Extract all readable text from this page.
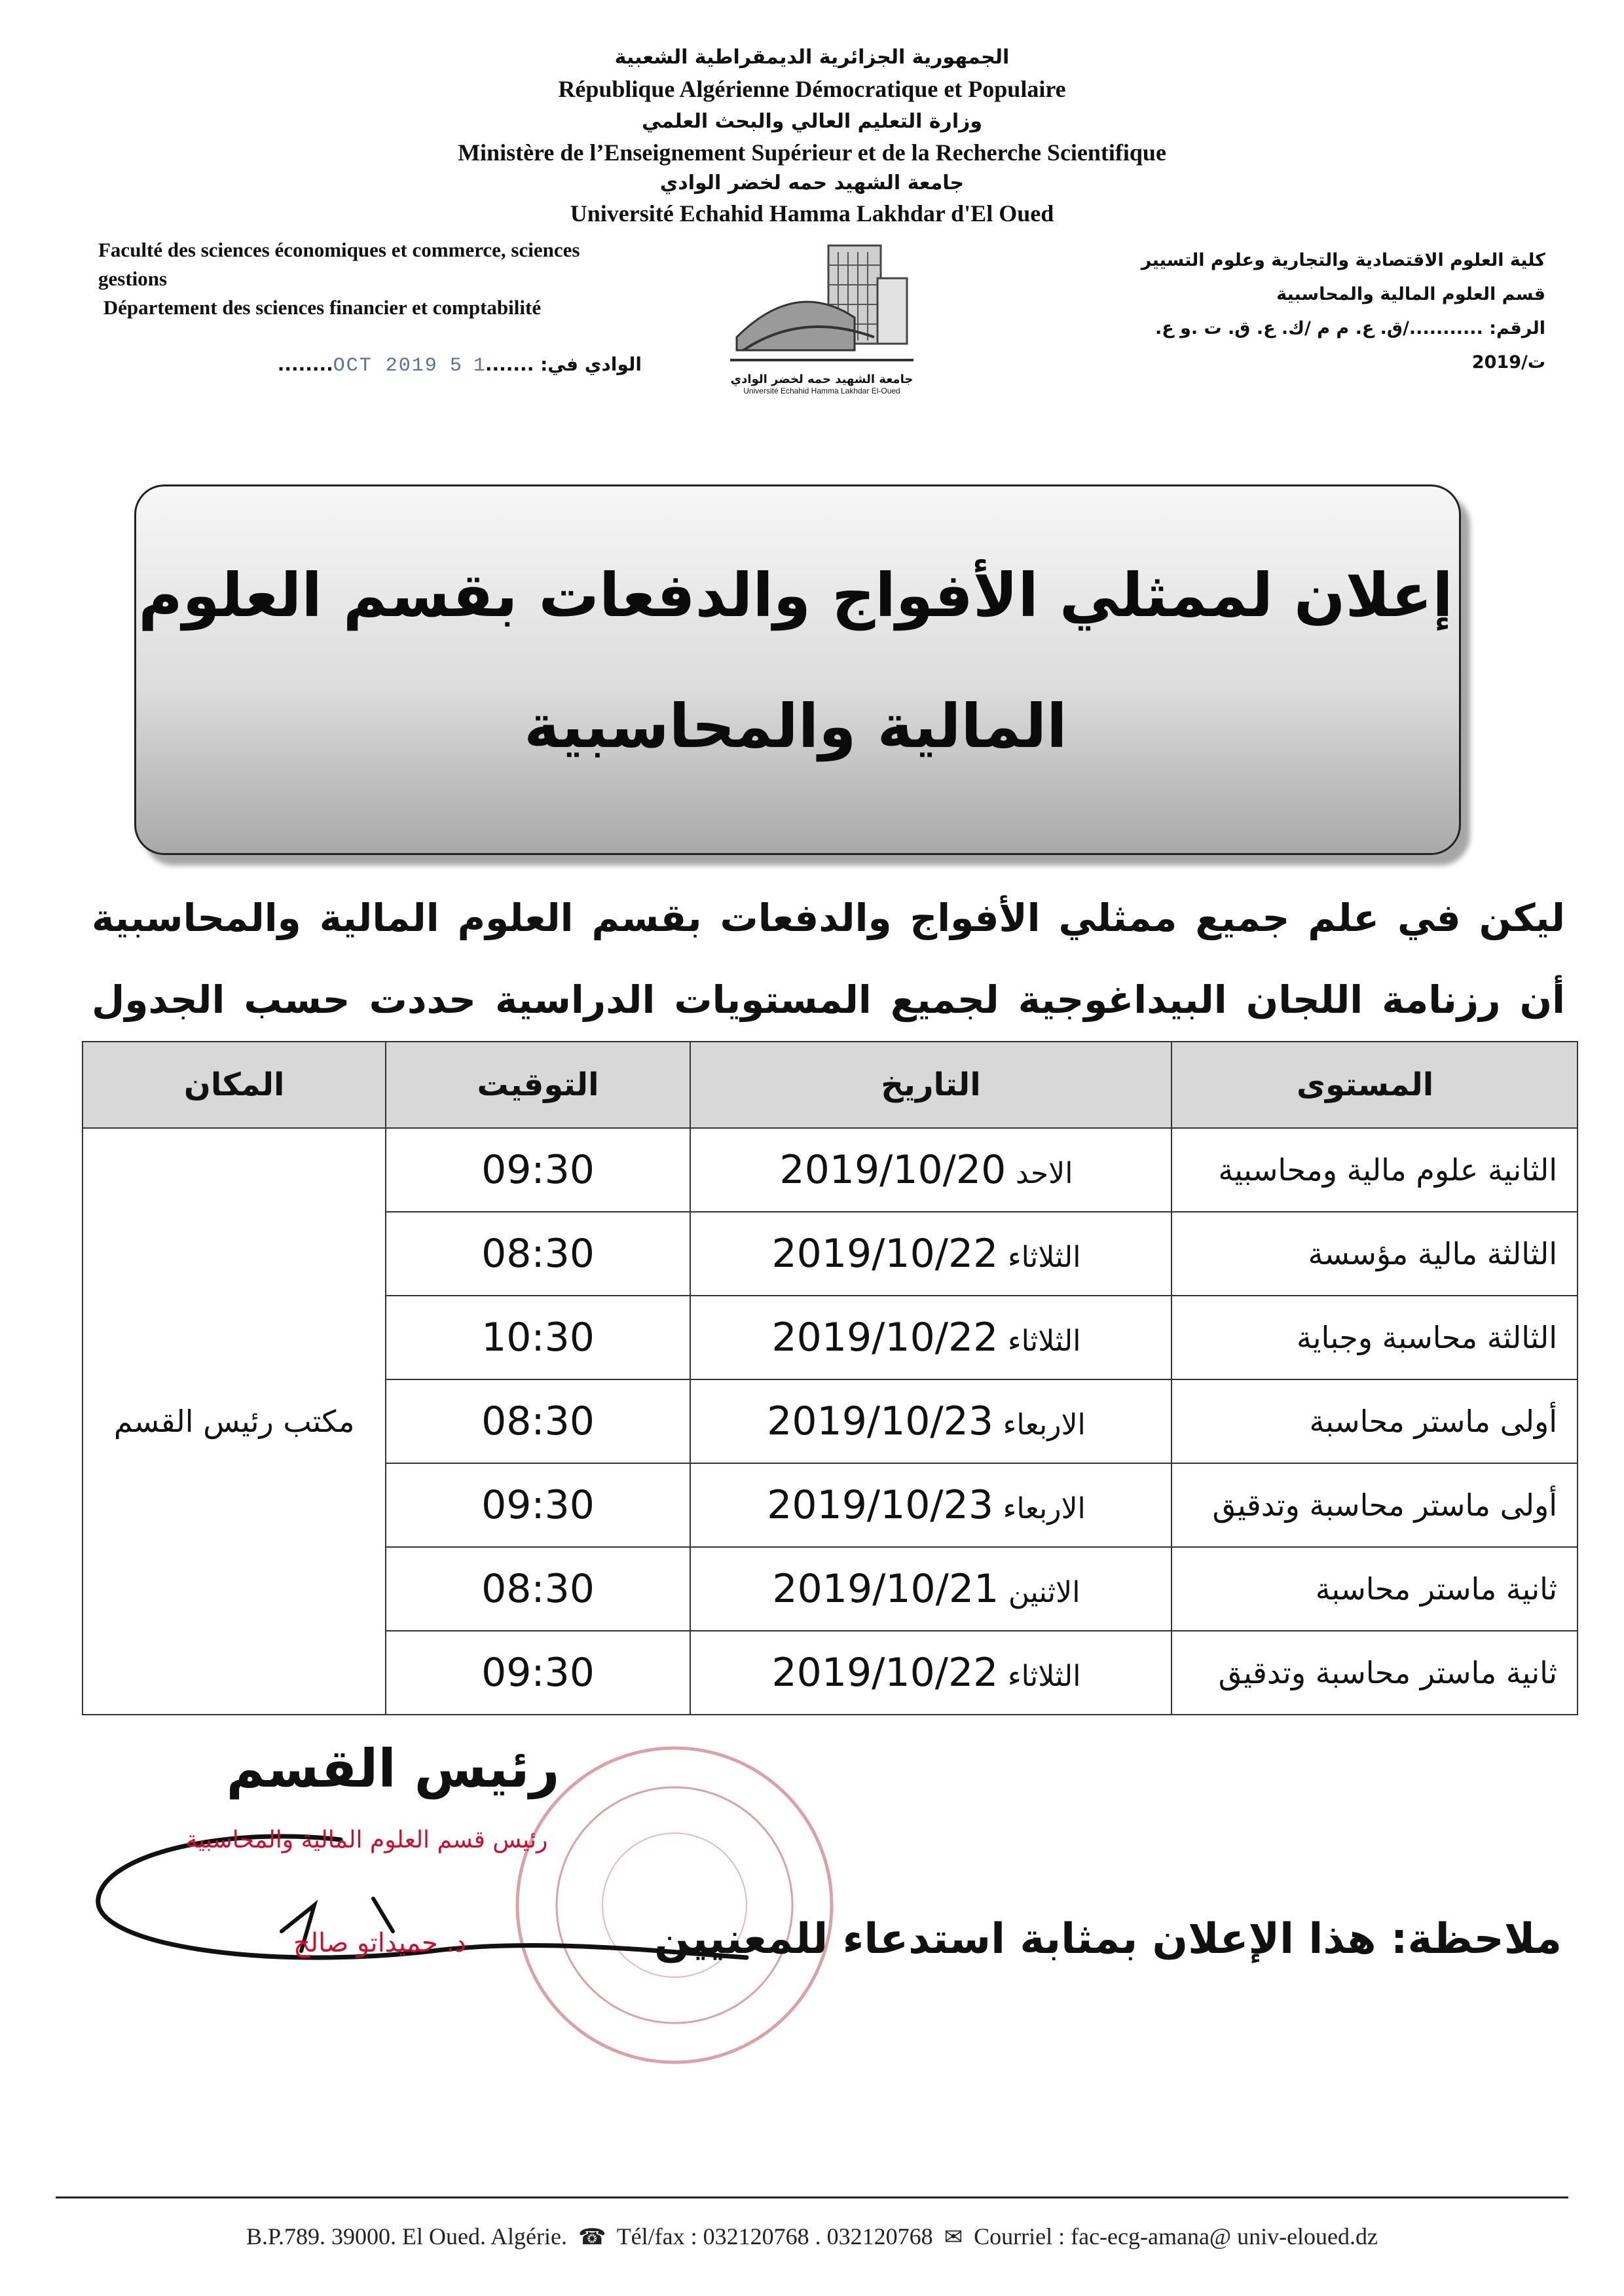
الجمهورية الجزائرية الديمقراطية الشعبية
République Algérienne Démocratique et Populaire
وزارة التعليم العالي والبحث العلمي
Ministère de l’Enseignement Supérieur et de la Recherche Scientifique
جامعة الشهيد حمه لخضر الوادي
Université Echahid Hamma Lakhdar d'El Oued
Faculté des sciences économiques et commerce, sciences
gestions
Département des sciences financier et comptabilité
كلية العلوم الاقتصادية والتجارية وعلوم التسيير
قسم العلوم المالية والمحاسبية
الرقم: .........../ق. ع. م م /ك. ع. ق. ت .و ع.
ت/2019
جامعة الشهيد حمه لخضر الوادي
Université Echahid Hamma Lakhdar El-Oued
الوادي في: .......1 5 OCT 2019........
إعلان لممثلي الأفواج والدفعات بقسم العلوم
المالية والمحاسبية
ليكن في علم جميع ممثلي الأفواج والدفعات بقسم العلوم المالية والمحاسبية أن رزنامة اللجان البيداغوجية لجميع المستويات الدراسية حددت حسب الجدول
المستوى	التاريخ	التوقيت	المكان
الثانية علوم مالية ومحاسبية	الاحد 2019/10/20	09:30	مكتب رئيس القسم
الثالثة مالية مؤسسة	الثلاثاء 2019/10/22	08:30	
الثالثة محاسبة وجباية	الثلاثاء 2019/10/22	10:30	
أولى ماستر محاسبة	الاربعاء 2019/10/23	08:30	
أولى ماستر محاسبة وتدقيق	الاربعاء 2019/10/23	09:30	
ثانية ماستر محاسبة	الاثنين 2019/10/21	08:30	
ثانية ماستر محاسبة وتدقيق	الثلاثاء 2019/10/22	09:30	
رئيس القسم
رئيس قسم العلوم المالية والمحاسبية
د. حميداتو صالح	ملاحظة: هذا الإعلان بمثابة استدعاء للمعنيين
B.P.789. 39000. El Oued. Algérie. ☎ Tél/fax : 032120768 . 032120768 ✉ Courriel : fac-ecg-amana@ univ-eloued.dz
